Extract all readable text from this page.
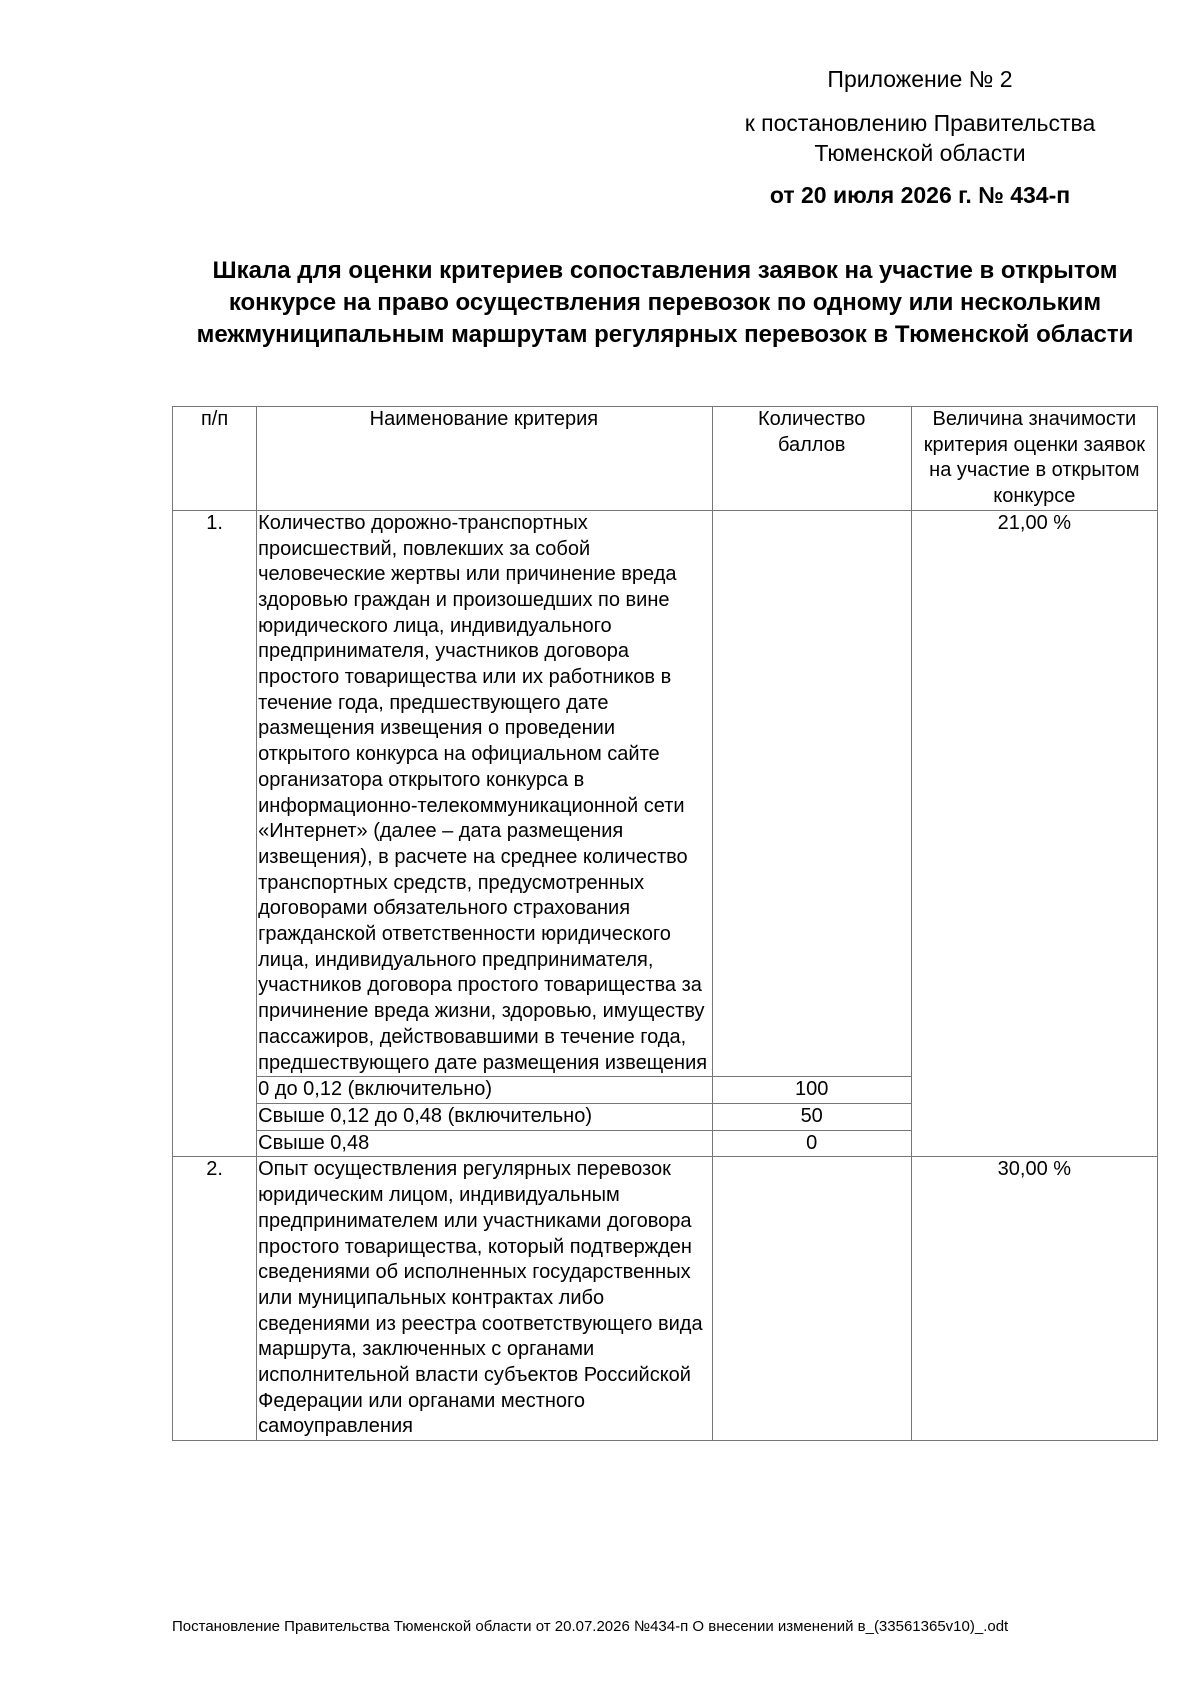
Приложение № 2
к постановлению Правительства
Тюменской области
от 20 июля 2026 г. № 434-п
Шкала для оценки критериев сопоставления заявок на участие в открытом конкурсе на право осуществления перевозок по одному или нескольким межмуниципальным маршрутам регулярных перевозок в Тюменской области
п/п	Наименование критерия	Количество баллов	Величина значимости критерия оценки заявок на участие в открытом конкурсе
1.	Количество дорожно-транспортных происшествий, повлекших за собой человеческие жертвы или причинение вреда здоровью граждан и произошедших по вине юридического лица, индивидуального предпринимателя, участников договора простого товарищества или их работников в течение года, предшествующего дате размещения извещения о проведении открытого конкурса на официальном сайте организатора открытого конкурса в информационно-телекоммуникационной сети «Интернет» (далее – дата размещения извещения), в расчете на среднее количество транспортных средств, предусмотренных договорами обязательного страхования гражданской ответственности юридического лица, индивидуального предпринимателя, участников договора простого товарищества за причинение вреда жизни, здоровью, имуществу пассажиров, действовавшими в течение года, предшествующего дате размещения извещения		21,00 %
	0 до 0,12 (включительно)	100	
	Свыше 0,12 до 0,48 (включительно)	50	
	Свыше 0,48	0	
2.	Опыт осуществления регулярных перевозок юридическим лицом, индивидуальным предпринимателем или участниками договора простого товарищества, который подтвержден сведениями об исполненных государственных или муниципальных контрактах либо сведениями из реестра соответствующего вида маршрута, заключенных с органами исполнительной власти субъектов Российской Федерации или органами местного самоуправления		30,00 %
Постановление Правительства Тюменской области от 20.07.2026 №434-п О внесении изменений в_(33561365v10)_.odt
